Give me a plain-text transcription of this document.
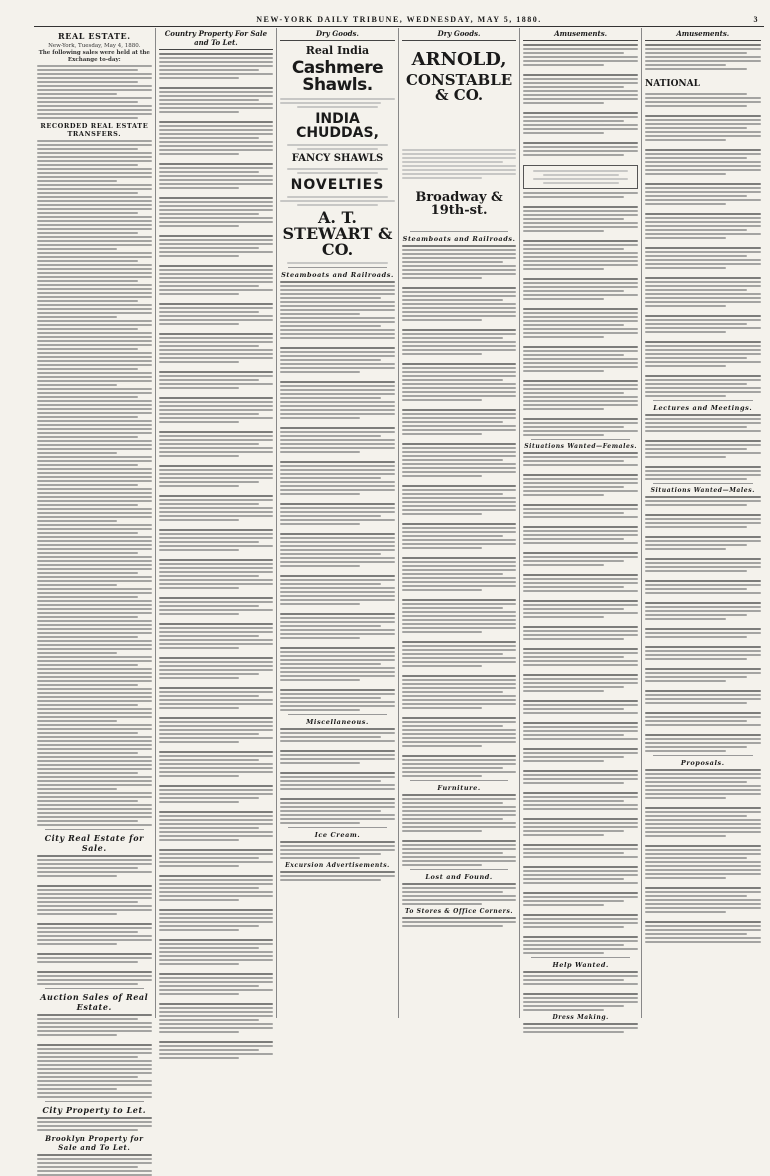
NEW-YORK DAILY TRIBUNE, WEDNESDAY, MAY 5, 1880.	3
REAL ESTATE.
New-York, Tuesday, May 4, 1880.
The following sales were held at the Exchange to-day:
RECORDED REAL ESTATE TRANSFERS.
City Real Estate for Sale.
Auction Sales of Real Estate.
City Property to Let.
Brooklyn Property for Sale and To Let.
Country Property For Sale and To Let.
Dry Goods.
Real India
Cashmere Shawls.
INDIA CHUDDAS,
FANCY SHAWLS
NOVELTIES
A. T. STEWART & CO.
Steamboats and Railroads.
Miscellaneous.
Ice Cream.
Excursion Advertisements.
Dry Goods.
ARNOLD,
CONSTABLE & CO.
Broadway & 19th-st.
Steamboats and Railroads.
Furniture.
Lost and Found.
To Stores & Office Corners.
Amusements.
Situations Wanted—Females.
Help Wanted.
Dress Making.
Amusements.
NATIONAL
Lectures and Meetings.
Situations Wanted—Males.
Proposals.
